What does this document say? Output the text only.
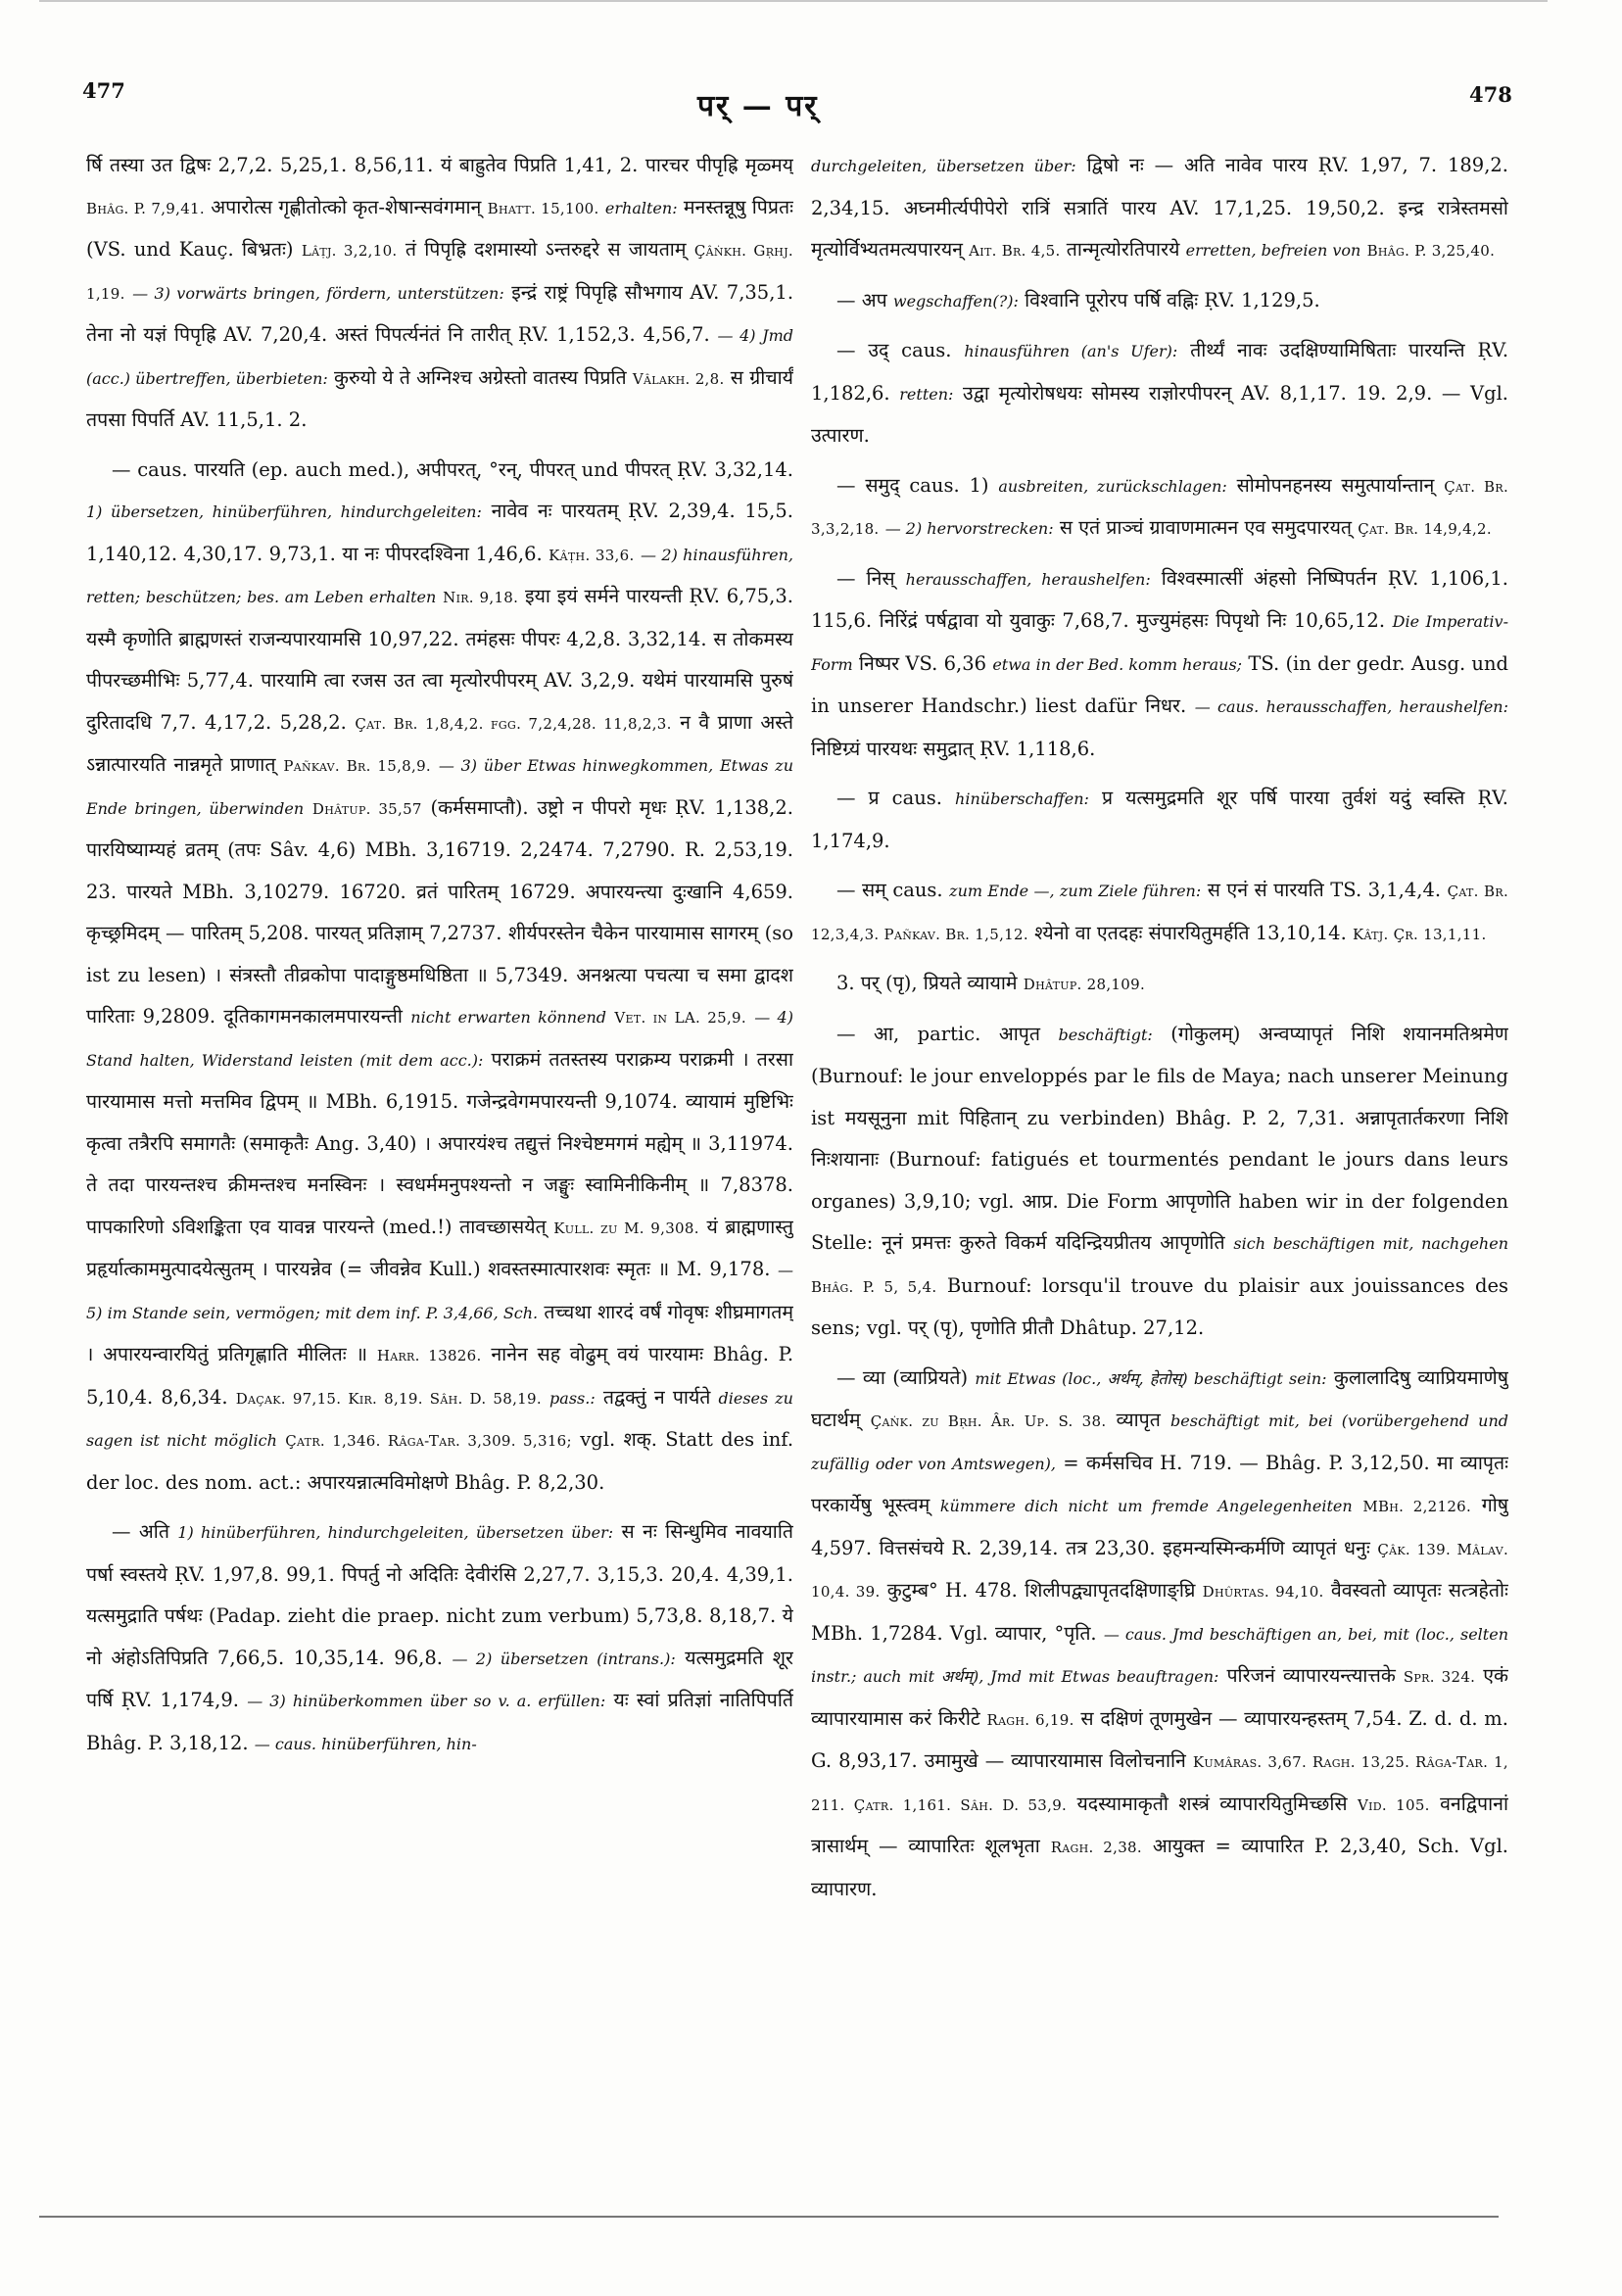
477	पर् — पर्	478

र्षि तस्या उत द्विषः 2,7,2. 5,25,1. 8,56,11. यं बाह्रुतेव पिप्रति 1,41, 2. पारचर पीपृह्रि मृळ्मय् Bhâg. P. 7,9,41. अपारोत्स गृह्णीतोत्को कृत-शेषान्सवंगमान् Bhatt. 15,100. erhalten: मनस्तन्नूषु पिप्रतः (VS. und Kauç. बिभ्रतः) Lâṭj. 3,2,10. तं पिपृह्रि दशमास्यो ऽन्तरुद्दरे स जायताम् Çâṅkh. Gṛhj. 1,19. — 3) vorwärts bringen, fördern, unterstützen: इन्द्रं राष्ट्रं पिपृह्रि सौभगाय AV. 7,35,1. तेना नो यज्ञं पिपृह्रि AV. 7,20,4. अस्तं पिपर्त्यनंतं नि तारीत् ṚV. 1,152,3. 4,56,7. — 4) Jmd (acc.) übertreffen, überbieten: कुरुयो ये ते अग्निश्च अग्रेस्तो वातस्य पिप्रति Vâlakh. 2,8. स ग्रीचार्यं तपसा पिपर्ति AV. 11,5,1. 2.

— caus. पारयति (ep. auch med.), अपीपरत्, °रन्, पीपरत् und पीपरत् ṚV. 3,32,14. 1) übersetzen, hinüberführen, hindurchgeleiten: नावेव नः पारयतम् ṚV. 2,39,4. 15,5. 1,140,12. 4,30,17. 9,73,1. या नः पीपरदश्विना 1,46,6. Kâṭh. 33,6. — 2) hinausführen, retten; beschützen; bes. am Leben erhalten Nir. 9,18. इया इयं सर्मने पारयन्ती ṚV. 6,75,3. यस्मै कृणोति ब्राह्मणस्तं राजन्यपारयामसि 10,97,22. तमंहसः पीपरः 4,2,8. 3,32,14. स तोकमस्य पीपरच्छमीभिः 5,77,4. पारयामि त्वा रजस उत त्वा मृत्योरपीपरम् AV. 3,2,9. यथेमं पारयामसि पुरुषं दुरितादधि 7,7. 4,17,2. 5,28,2. Çat. Br. 1,8,4,2. fgg. 7,2,4,28. 11,8,2,3. न वै प्राणा अस्ते ऽन्नात्पारयति नान्नमृते प्राणात् Pañkav. Br. 15,8,9. — 3) über Etwas hinwegkommen, Etwas zu Ende bringen, überwinden Dhâtup. 35,57 (कर्मसमाप्तौ). उष्ट्रो न पीपरो मृधः ṚV. 1,138,2. पारयिष्याम्यहं व्रतम् (तपः Sâv. 4,6) MBh. 3,16719. 2,2474. 7,2790. R. 2,53,19. 23. पारयते MBh. 3,10279. 16720. व्रतं पारितम् 16729. अपारयन्त्या दुःखानि 4,659. कृच्छ्रमिदम् — पारितम् 5,208. पारयत् प्रतिज्ञाम् 7,2737. शीर्यपरस्तेन चैकेन पारयामास सागरम् (so ist zu lesen) । संत्रस्तौ तीव्रकोपा पादाङ्गुष्ठमधिष्ठिता ॥ 5,7349. अनश्नत्या पचत्या च समा द्वादश पारिताः 9,2809. दूतिकागमनकालमपारयन्ती nicht erwarten könnend Vet. in LA. 25,9. — 4) Stand halten, Widerstand leisten (mit dem acc.): पराक्रमं ततस्तस्य पराक्रम्य पराक्रमी । तरसा पारयामास मत्तो मत्तमिव द्विपम् ॥ MBh. 6,1915. गजेन्द्रवेगमपारयन्ती 9,1074. व्यायामं मुष्टिभिः कृत्वा तत्रैरपि समागतैः (समाकृतैः Ang. 3,40) । अपारयंश्च तद्युत्तं निश्चेष्टमगमं मह्येम् ॥ 3,11974. ते तदा पारयन्तश्च क्रीमन्तश्च मनस्विनः । स्वधर्ममनुपश्यन्तो न जङ्घुः स्वामिनीकिनीम् ॥ 7,8378. पापकारिणो ऽविशङ्किता एव यावन्न पारयन्ते (med.!) तावच्छासयेत् Kull. zu M. 9,308. यं ब्राह्मणास्तु प्रहृर्यात्काममुत्पादयेत्सुतम् । पारयन्नेव (= जीवन्नेव Kull.) शवस्तस्मात्पारशवः स्मृतः ॥ M. 9,178. — 5) im Stande sein, vermögen; mit dem inf. P. 3,4,66, Sch. तच्चथा शारदं वर्षं गोवृषः शीघ्रमागतम् । अपारयन्वारयितुं प्रतिगृह्णाति मीलितः ॥ Harr. 13826. नानेन सह वोढुम् वयं पारयामः Bhâg. P. 5,10,4. 8,6,34. Daçak. 97,15. Kir. 8,19. Sâh. D. 58,19. pass.: तद्वक्तुं न पार्यते dieses zu sagen ist nicht möglich Çatr. 1,346. Râga-Tar. 3,309. 5,316; vgl. शक्. Statt des inf. der loc. des nom. act.: अपारयन्नात्मविमोक्षणे Bhâg. P. 8,2,30.

— अति 1) hinüberführen, hindurchgeleiten, übersetzen über: स नः सिन्धुमिव नावयाति पर्षा स्वस्तये ṚV. 1,97,8. 99,1. पिपर्तु नो अदितिः देवीरंसि 2,27,7. 3,15,3. 20,4. 4,39,1. यत्समुद्राति पर्षथः (Padap. zieht die praep. nicht zum verbum) 5,73,8. 8,18,7. ये नो अंहोऽतिपिप्रति 7,66,5. 10,35,14. 96,8. — 2) übersetzen (intrans.): यत्समुद्रमति शूर पर्षि ṚV. 1,174,9. — 3) hinüberkommen über so v. a. erfüllen: यः स्वां प्रतिज्ञां नातिपिपर्ति Bhâg. P. 3,18,12. — caus. hinüberführen, hin-

durchgeleiten, übersetzen über: द्विषो नः — अति नावेव पारय ṚV. 1,97, 7. 189,2. 2,34,15. अघ्नमीर्त्यपीपेरो रात्रिं सत्रातिं पारय AV. 17,1,25. 19,50,2. इन्द्र रात्रेस्तमसो मृत्योर्विभ्यतमत्यपारयन् Ait. Br. 4,5. तान्मृत्योरतिपारये erretten, befreien von Bhâg. P. 3,25,40.

— अप wegschaffen(?): विश्वानि पूरोरप पर्षि वह्निः ṚV. 1,129,5.

— उद् caus. hinausführen (an's Ufer): तीर्थ्यं नावः उदक्षिण्यामिषिताः पारयन्ति ṚV. 1,182,6. retten: उद्वा मृत्योरोषधयः सोमस्य राज्ञोरपीपरन् AV. 8,1,17. 19. 2,9. — Vgl. उत्पारण.

— समुद् caus. 1) ausbreiten, zurückschlagen: सोमोपनहनस्य समुत्पार्यान्तान् Çat. Br. 3,3,2,18. — 2) hervorstrecken: स एतं प्राञ्चं ग्रावाणमात्मन एव समुदपारयत् Çat. Br. 14,9,4,2.

— निस् herausschaffen, heraushelfen: विश्वस्मात्सीं अंहसो निष्पिपर्तन ṚV. 1,106,1. 115,6. निरिंद्रं पर्षद्वावा यो युवाकुः 7,68,7. मुज्युमंहसः पिपृथो निः 10,65,12. Die Imperativ-Form निष्पर VS. 6,36 etwa in der Bed. komm heraus; TS. (in der gedr. Ausg. und in unserer Handschr.) liest dafür निधर. — caus. herausschaffen, heraushelfen: निष्टिग्र्यं पारयथः समुद्रात् ṚV. 1,118,6.

— प्र caus. hinüberschaffen: प्र यत्समुद्रमति शूर पर्षि पारया तुर्वशं यदुं स्वस्ति ṚV. 1,174,9.

— सम् caus. zum Ende —, zum Ziele führen: स एनं सं पारयति TS. 3,1,4,4. Çat. Br. 12,3,4,3. Pañkav. Br. 1,5,12. श्येनो वा एतदहः संपारयितुमर्हति 13,10,14. Kâtj. Çr. 13,1,11.

3. पर् (पृ), प्रियते व्यायामे Dhâtup. 28,109.

— आ, partic. आपृत beschäftigt: (गोकुलम्) अन्वप्यापृतं निशि शयानमतिश्रमेण (Burnouf: le jour enveloppés par le fils de Maya; nach unserer Meinung ist मयसूनुना mit पिहितान् zu verbinden) Bhâg. P. 2, 7,31. अन्नापृतार्तकरणा निशि निःशयानाः (Burnouf: fatigués et tourmentés pendant le jours dans leurs organes) 3,9,10; vgl. आप्र. Die Form आपृणोति haben wir in der folgenden Stelle: नूनं प्रमत्तः कुरुते विकर्म यदिन्द्रियप्रीतय आपृणोति sich beschäftigen mit, nachgehen Bhâg. P. 5, 5,4. Burnouf: lorsqu'il trouve du plaisir aux jouissances des sens; vgl. पर् (पृ), पृणोति प्रीतौ Dhâtup. 27,12.

— व्या (व्याप्रियते) mit Etwas (loc., अर्थम्, हेतोस्) beschäftigt sein: कुलालादिषु व्याप्रियमाणेषु घटार्थम् Çaṅk. zu Bṛh. Âr. Up. S. 38. व्यापृत beschäftigt mit, bei (vorübergehend und zufällig oder von Amtswegen), = कर्मसचिव H. 719. — Bhâg. P. 3,12,50. मा व्यापृतः परकार्येषु भूस्त्वम् kümmere dich nicht um fremde Angelegenheiten MBh. 2,2126. गोषु 4,597. वित्तसंचये R. 2,39,14. तत्र 23,30. इहमन्यस्मिन्कर्मणि व्यापृतं धनुः Çâk. 139. Mâlav. 10,4. 39. कुटुम्ब° H. 478. शिलीपद्व्यापृतदक्षिणाङ्घ्रि Dhûrtas. 94,10. वैवस्वतो व्यापृतः सत्त्रहेतोः MBh. 1,7284. Vgl. व्यापार, °पृति. — caus. Jmd beschäftigen an, bei, mit (loc., selten instr.; auch mit अर्थम्), Jmd mit Etwas beauftragen: परिजनं व्यापारयन्त्यात्तके Spr. 324. एकं व्यापारयामास करं किरीटे Ragh. 6,19. स दक्षिणं तूणमुखेन — व्यापारयन्हस्तम् 7,54. Z. d. d. m. G. 8,93,17. उमामुखे — व्यापारयामास विलोचनानि Kumâras. 3,67. Ragh. 13,25. Râga-Tar. 1, 211. Çatr. 1,161. Sâh. D. 53,9. यदस्यामाकृतौ शस्त्रं व्यापारयितुमिच्छसि Vid. 105. वनद्विपानां त्रासार्थम् — व्यापारितः शूलभृता Ragh. 2,38. आयुक्त = व्यापारित P. 2,3,40, Sch. Vgl. व्यापारण.
